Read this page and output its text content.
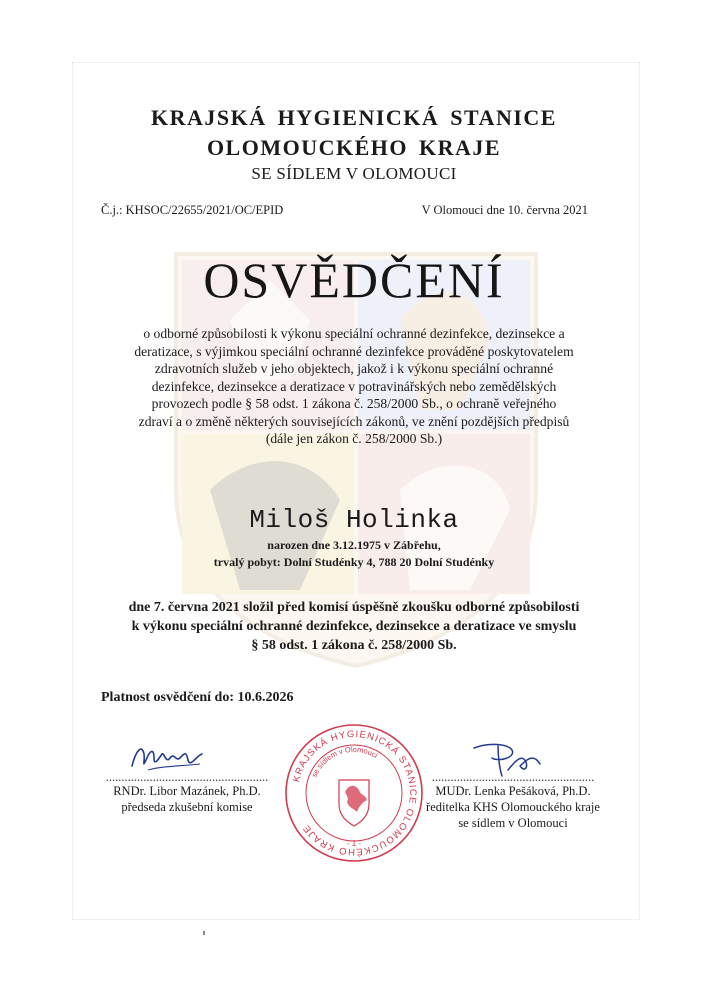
KRAJSKÁ HYGIENICKÁ STANICE
OLOMOUCKÉHO KRAJE
SE SÍDLEM V OLOMOUCI
Č.j.: KHSOC/22655/2021/OC/EPID	V Olomouci dne 10. června 2021
OSVĚDČENÍ
o odborné způsobilosti k výkonu speciální ochranné dezinfekce, dezinsekce a
deratizace, s výjimkou speciální ochranné dezinfekce prováděné poskytovatelem
zdravotních služeb v jeho objektech, jakož i k výkonu speciální ochranné
dezinfekce, dezinsekce a deratizace v potravinářských nebo zemědělských
provozech podle § 58 odst. 1 zákona č. 258/2000 Sb., o ochraně veřejného
zdraví a o změně některých souvisejících zákonů, ve znění pozdějších předpisů
(dále jen zákon č. 258/2000 Sb.)
Miloš Holinka
narozen dne 3.12.1975 v Zábřehu,
trvalý pobyt: Dolní Studénky 4, 788 20 Dolní Studénky
dne 7. června 2021 složil před komisí úspěšně zkoušku odborné způsobilosti
k výkonu speciální ochranné dezinfekce, dezinsekce a deratizace ve smyslu
§ 58 odst. 1 zákona č. 258/2000 Sb.
Platnost osvědčení do: 10.6.2026
....................................................
RNDr. Libor Mazánek, Ph.D.
předseda zkušební komise
....................................................
MUDr. Lenka Pešáková, Ph.D.
ředitelka KHS Olomouckého kraje
se sídlem v Olomouci
KRAJSKÁ HYGIENICKÁ STANICE OLOMOUCKÉHO KRAJE
se sídlem v Olomouci
- 1 -
